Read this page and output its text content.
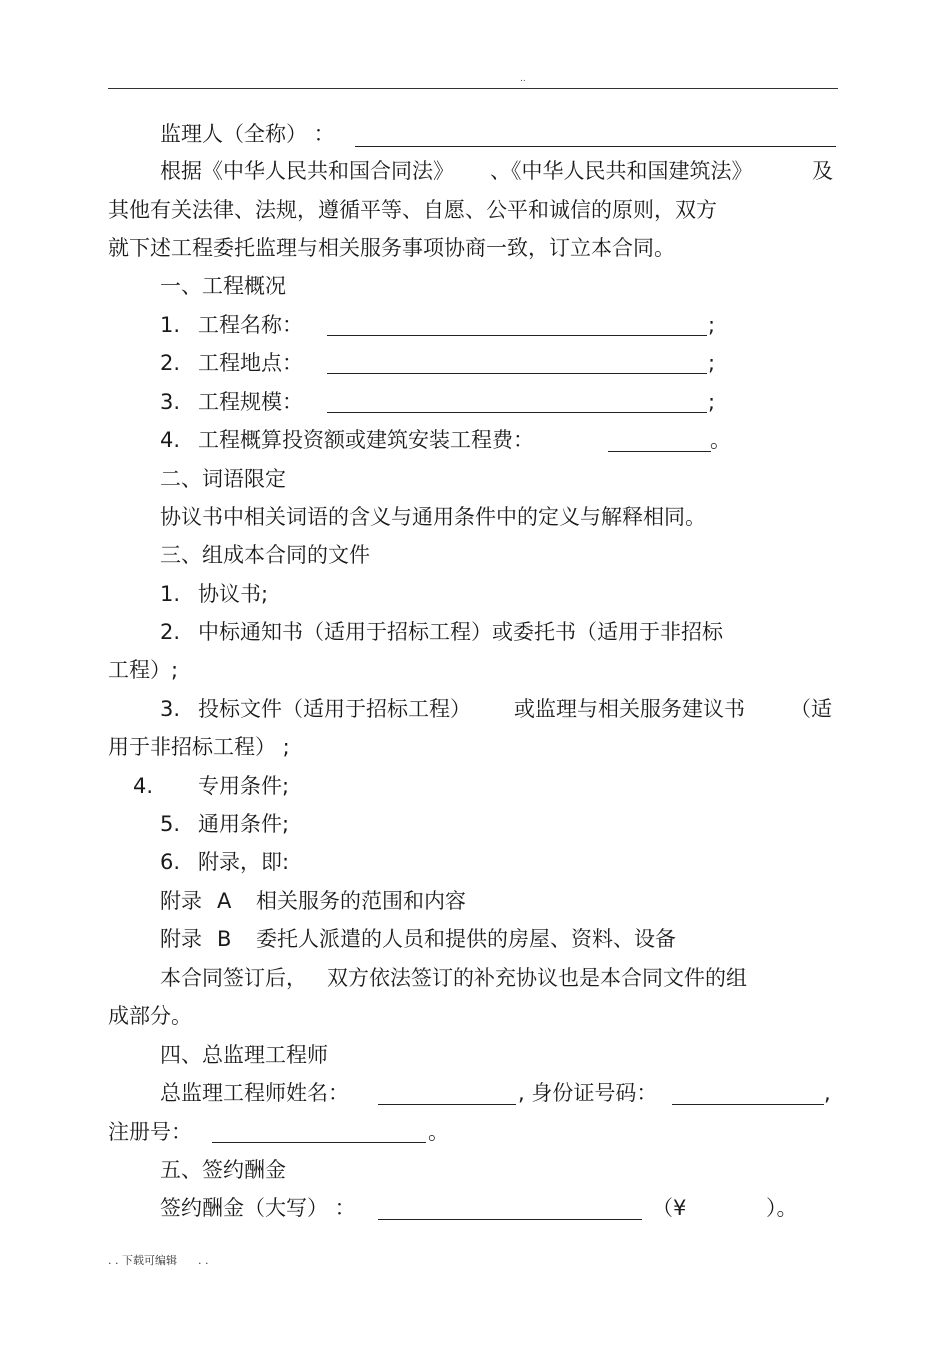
..
监理人（全称） ：
根据《中华人民共和国合同法》 、《中华人民共和国建筑法》	及
其他有关法律、法规，遵循平等、自愿、公平和诚信的原则，双方
就下述工程委托监理与相关服务事项协商一致，订立本合同。
一、工程概况
1. 工程名称：	;
2. 工程地点：	;
3. 工程规模：	;
4. 工程概算投资额或建筑安装工程费：	。
二、词语限定
协议书中相关词语的含义与通用条件中的定义与解释相同。
三、组成本合同的文件
1. 协议书;
2. 中标通知书（适用于招标工程）或委托书（适用于非招标
工程）;
3. 投标文件（适用于招标工程） 或监理与相关服务建议书 （适
用于非招标工程） ;
4. 专用条件;
5. 通用条件;
6. 附录，即:
附录 A 相关服务的范围和内容
附录 B 委托人派遣的人员和提供的房屋、资料、设备
本合同签订后， 双方依法签订的补充协议也是本合同文件的组
成部分。
四、总监理工程师
总监理工程师姓名：	, 身份证号码：	,
注册号：	。
五、签约酬金
签约酬金（大写） ：	（¥	）。
. . 下载可编辑      . .
